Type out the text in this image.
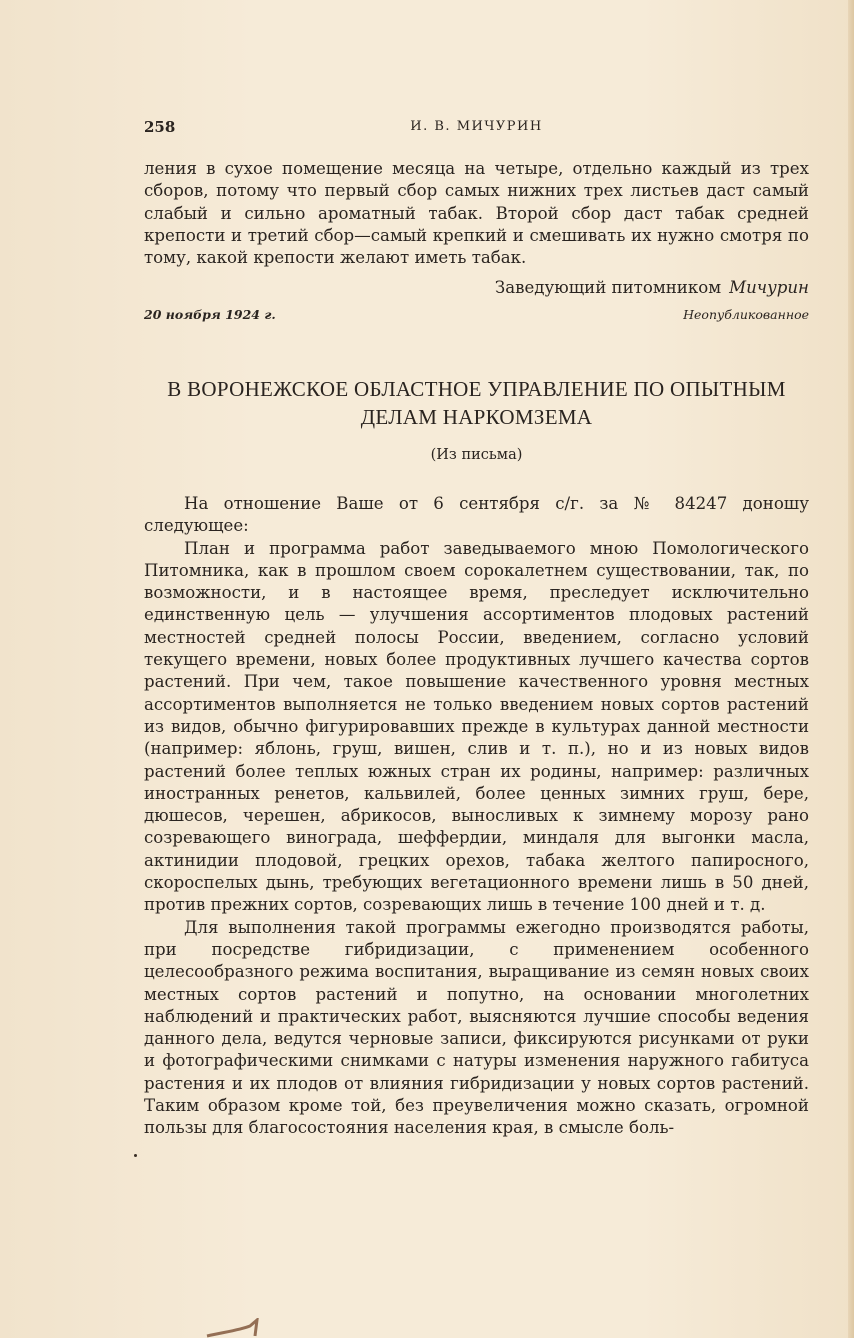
258	И. В. МИЧУРИН

ления в сухое помещение месяца на четыре, отдельно каждый из трех сборов, потому что первый сбор самых нижних трех листьев даст самый слабый и сильно ароматный табак. Второй сбор даст табак средней крепости и третий сбор—самый крепкий и смешивать их нужно смотря по тому, какой крепости желают иметь табак.

Заведующий питомником Мичурин
20 ноября 1924 г.	Неопубликованное
В ВОРОНЕЖСКОЕ ОБЛАСТНОЕ УПРАВЛЕНИЕ ПО ОПЫТНЫМ
ДЕЛАМ НАРКОМЗЕМА
(Из письма)

На отношение Ваше от 6 сентября с/г. за № 84247 доношу следующее:

План и программа работ заведываемого мною Помологического Питомника, как в прошлом своем сорокалетнем существовании, так, по возможности, и в настоящее время, преследует исключительно единственную цель — улучшения ассортиментов плодовых растений местностей средней полосы России, введением, согласно условий текущего времени, новых более продуктивных лучшего качества сортов растений. При чем, такое повышение качественного уровня местных ассортиментов выполняется не только введением новых сортов растений из видов, обычно фигурировавших прежде в культурах данной местности (например: яблонь, груш, вишен, слив и т. п.), но и из новых видов растений более теплых южных стран их родины, например: различных иностранных ренетов, кальвилей, более ценных зимних груш, бере, дюшесов, черешен, абрикосов, выносливых к зимнему морозу рано созревающего винограда, шеффердии, миндаля для выгонки масла, актинидии плодовой, грецких орехов, табака желтого папиросного, скороспелых дынь, требующих вегетационного времени лишь в 50 дней, против прежних сортов, созревающих лишь в течение 100 дней и т. д.

Для выполнения такой программы ежегодно производятся работы, при посредстве гибридизации, с применением особенного целесообразного режима воспитания, выращивание из семян новых своих местных сортов растений и попутно, на основании многолетних наблюдений и практических работ, выясняются лучшие способы ведения данного дела, ведутся черновые записи, фиксируются рисунками от руки и фотографическими снимками с натуры изменения наружного габитуса растения и их плодов от влияния гибридизации у новых сортов растений. Таким образом кроме той, без преувеличения можно сказать, огромной пользы для благосостояния населения края, в смысле боль-
